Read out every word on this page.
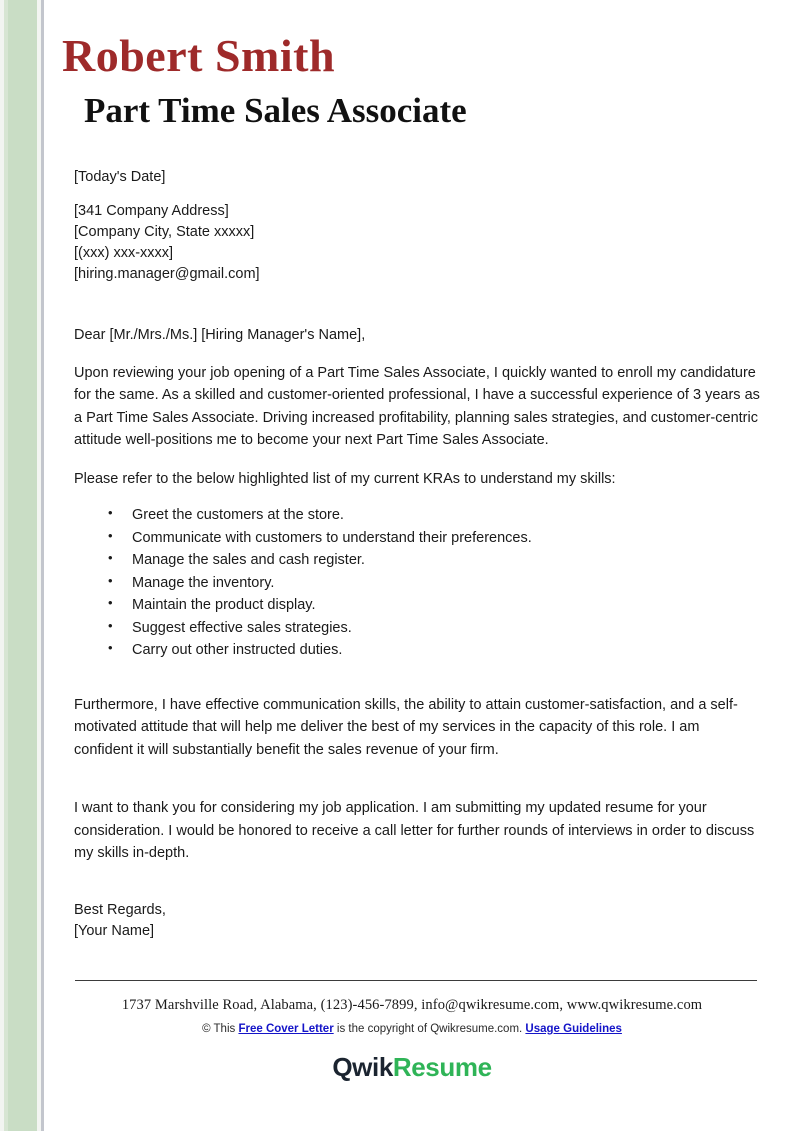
Robert Smith
Part Time Sales Associate

[Today's Date]

[341 Company Address]
[Company City, State xxxxx]
[(xxx) xxx-xxxx]
[hiring.manager@gmail.com]

Dear [Mr./Mrs./Ms.] [Hiring Manager's Name],

Upon reviewing your job opening of a Part Time Sales Associate, I quickly wanted to enroll my candidature for the same. As a skilled and customer-oriented professional, I have a successful experience of 3 years as a Part Time Sales Associate. Driving increased profitability, planning sales strategies, and customer-centric attitude well-positions me to become your next Part Time Sales Associate.

Please refer to the below highlighted list of my current KRAs to understand my skills:

• Greet the customers at the store.
• Communicate with customers to understand their preferences.
• Manage the sales and cash register.
• Manage the inventory.
• Maintain the product display.
• Suggest effective sales strategies.
• Carry out other instructed duties.

Furthermore, I have effective communication skills, the ability to attain customer-satisfaction, and a self-motivated attitude that will help me deliver the best of my services in the capacity of this role. I am confident it will substantially benefit the sales revenue of your firm.

I want to thank you for considering my job application. I am submitting my updated resume for your consideration. I would be honored to receive a call letter for further rounds of interviews in order to discuss my skills in-depth.

Best Regards,

[Your Name]

1737 Marshville Road, Alabama, (123)-456-7899, info@qwikresume.com, www.qwikresume.com
© This Free Cover Letter is the copyright of Qwikresume.com. Usage Guidelines
QwikResume
